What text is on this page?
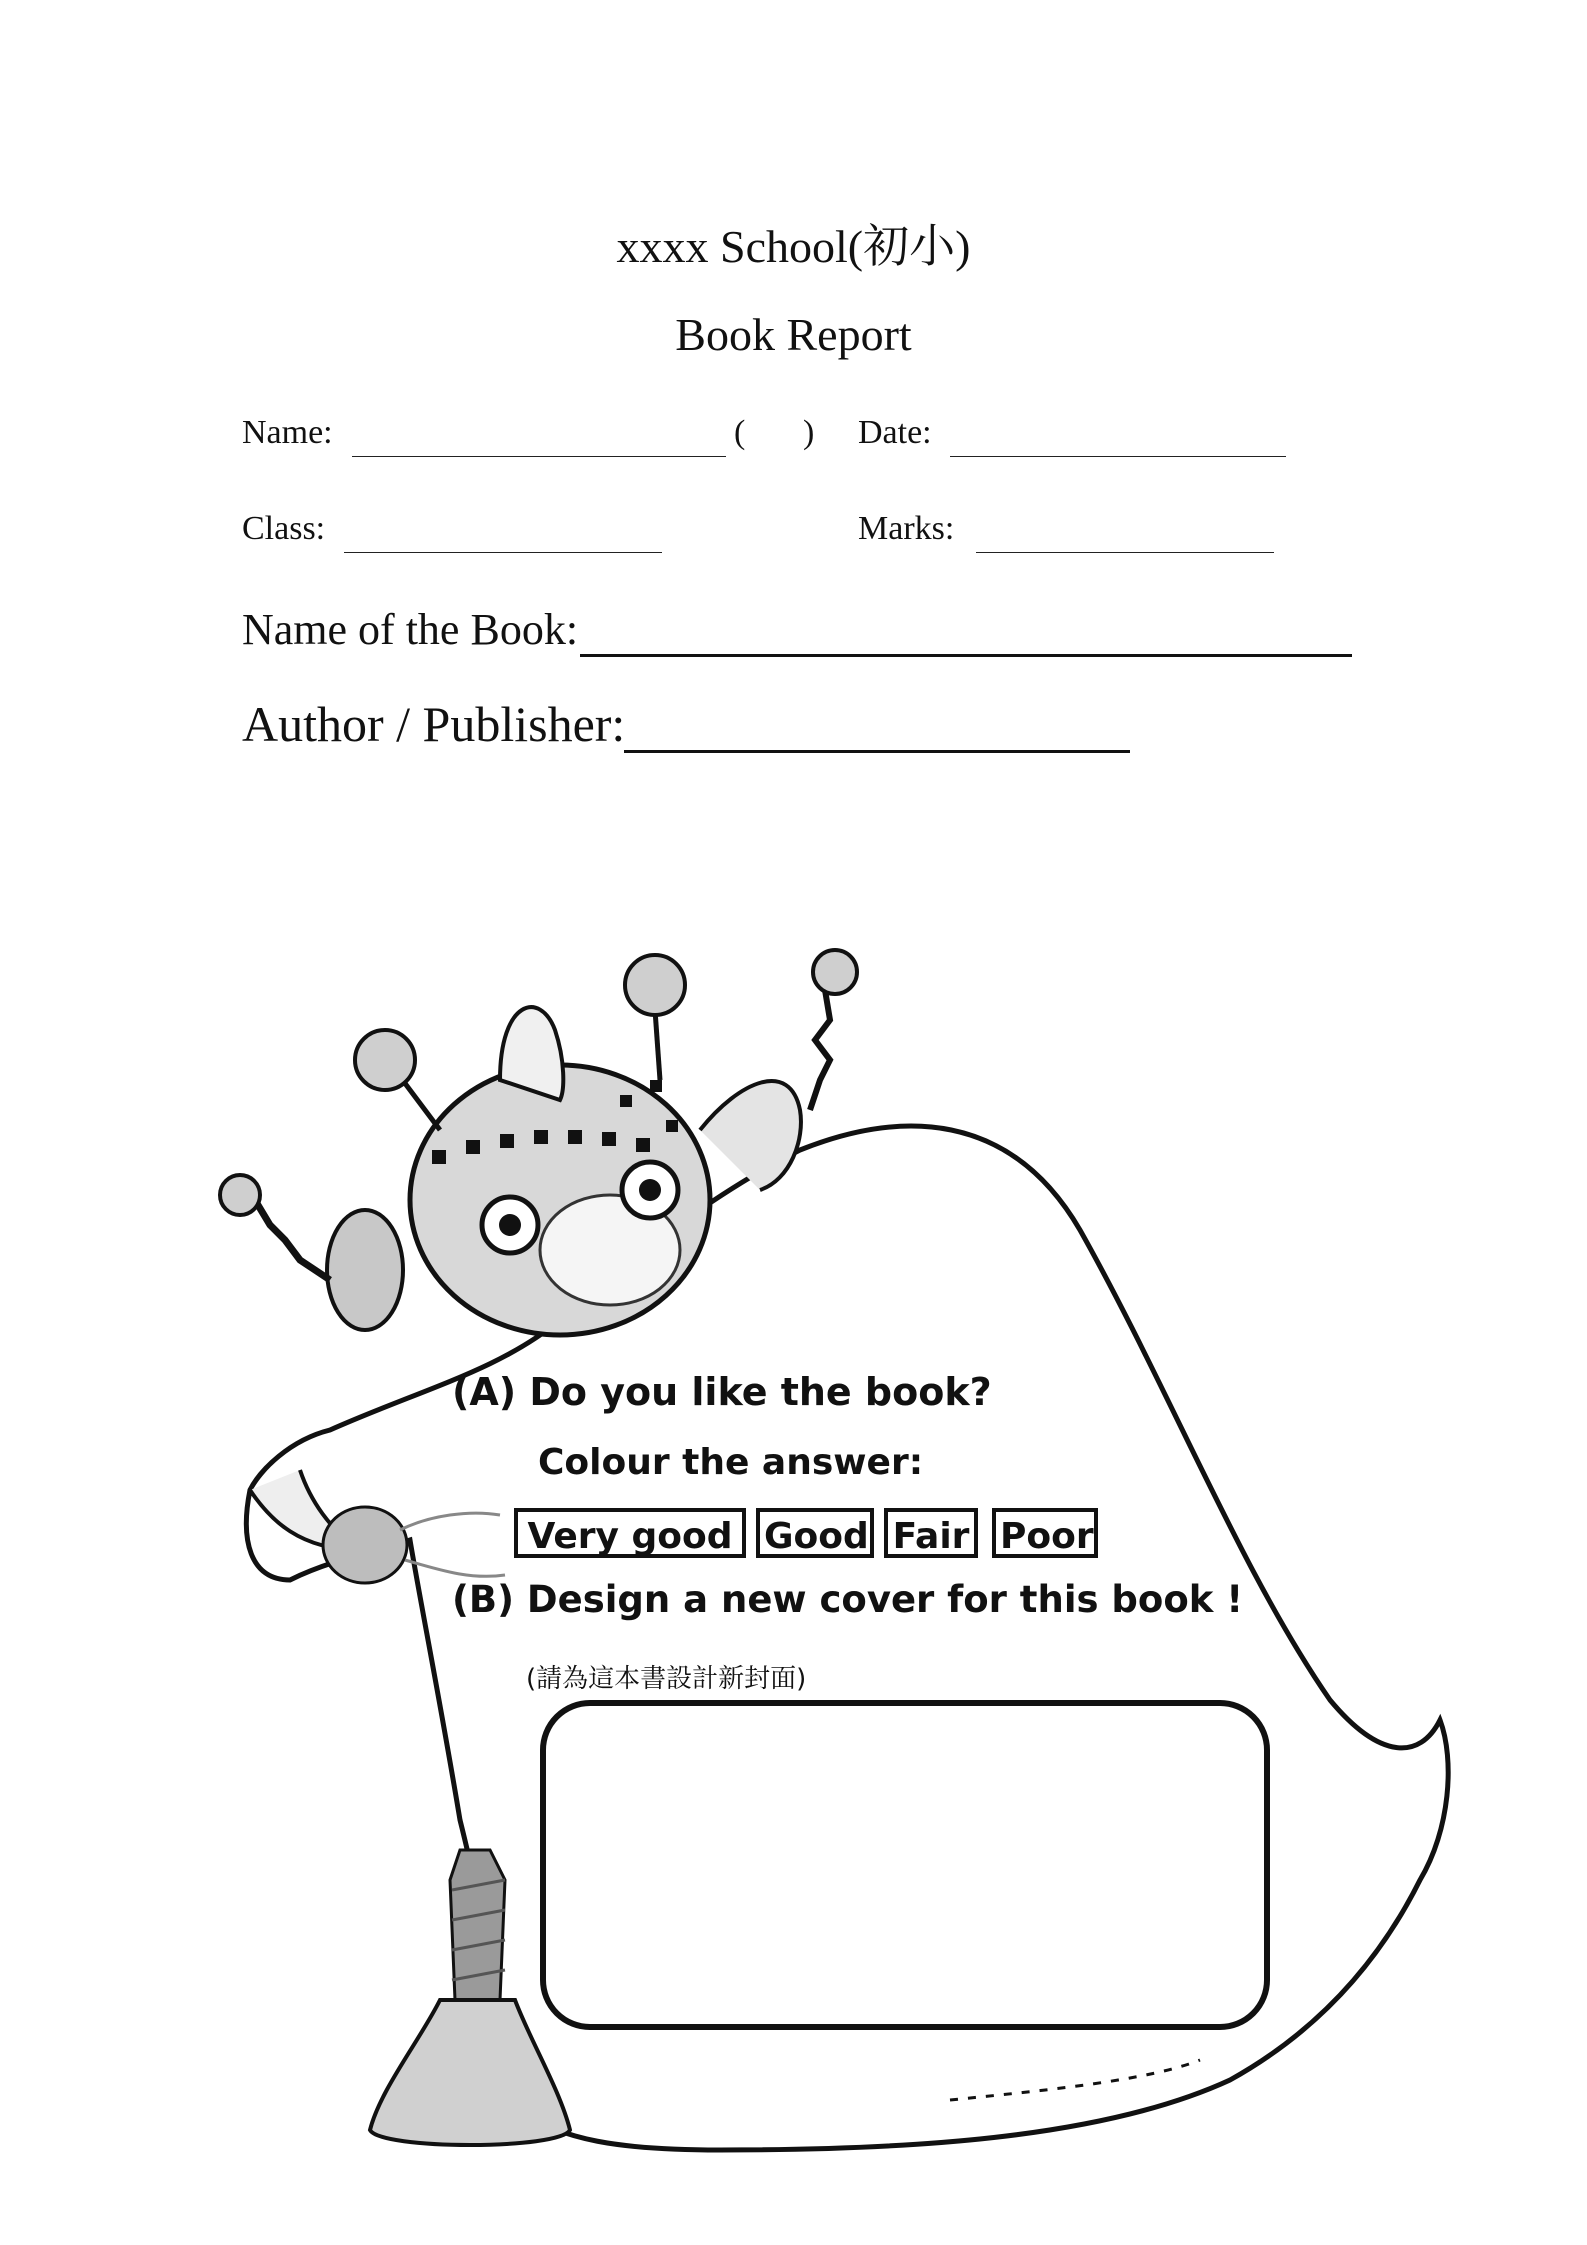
xxxx School(初小)
Book Report
Name:	( ) Date:
Class:	Marks:
Name of the Book:
Author / Publisher:
(A) Do you like the book?
Colour the answer:
Very good Good Fair Poor
(B) Design a new cover for this book !
(請為這本書設計新封面)
